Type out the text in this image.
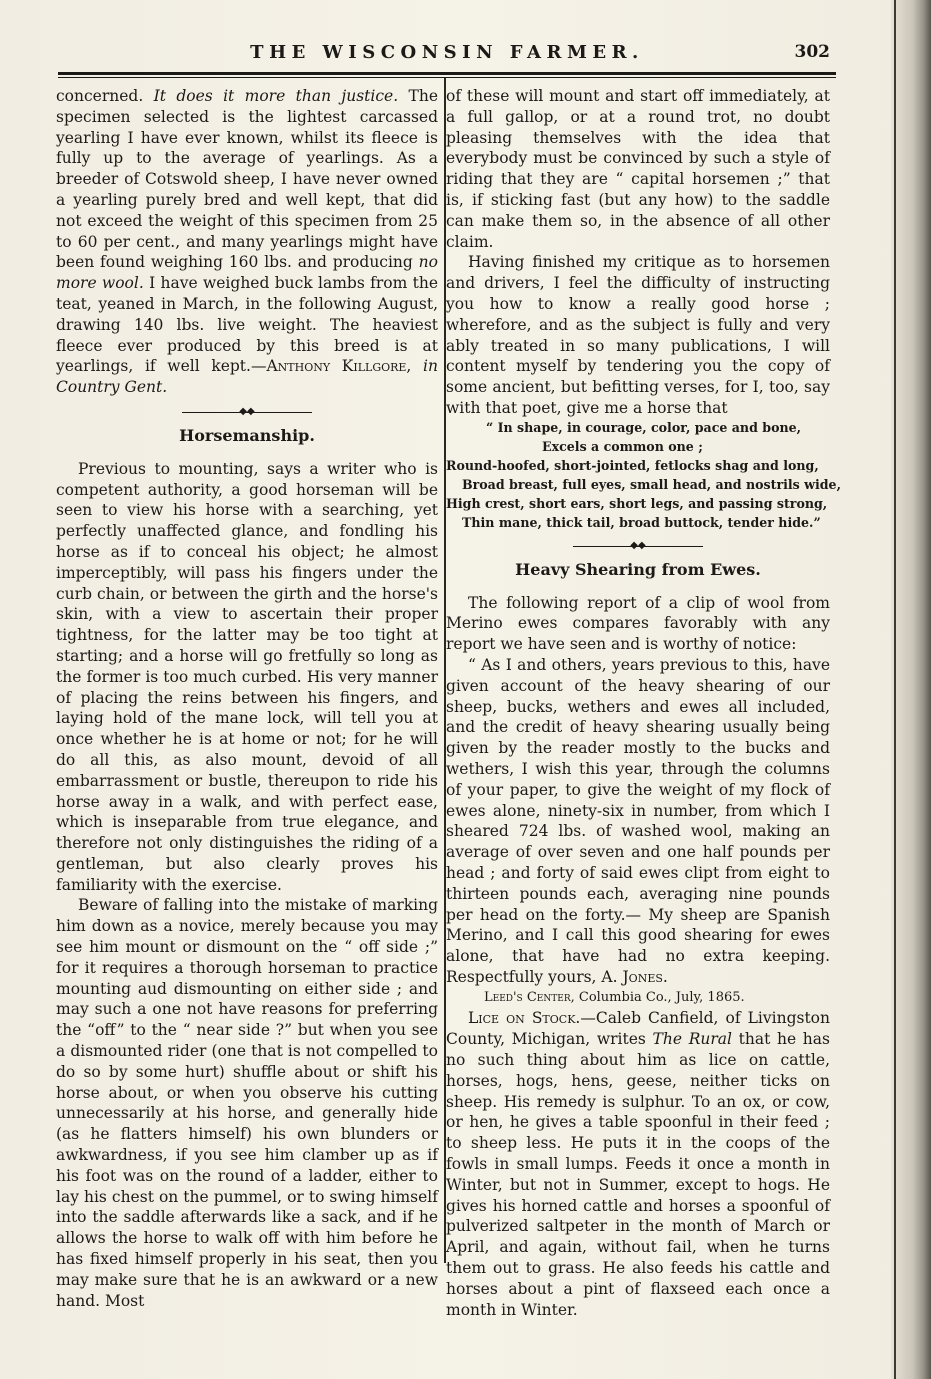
THE WISCONSIN FARMER.	302

concerned. It does it more than justice. The specimen selected is the lightest carcassed yearling I have ever known, whilst its fleece is fully up to the average of yearlings. As a breeder of Cotswold sheep, I have never owned a yearling purely bred and well kept, that did not exceed the weight of this specimen from 25 to 60 per cent., and many yearlings might have been found weighing 160 lbs. and producing no more wool. I have weighed buck lambs from the teat, yeaned in March, in the following August, drawing 140 lbs. live weight. The heaviest fleece ever produced by this breed is at yearlings, if well kept.—Anthony Killgore, in Country Gent.

◆◆
Horsemanship.

Previous to mounting, says a writer who is competent authority, a good horseman will be seen to view his horse with a searching, yet perfectly unaffected glance, and fondling his horse as if to conceal his object; he almost imperceptibly, will pass his fingers under the curb chain, or between the girth and the horse's skin, with a view to ascertain their proper tightness, for the latter may be too tight at starting; and a horse will go fretfully so long as the former is too much curbed. His very manner of placing the reins between his fingers, and laying hold of the mane lock, will tell you at once whether he is at home or not; for he will do all this, as also mount, devoid of all embarrassment or bustle, thereupon to ride his horse away in a walk, and with perfect ease, which is inseparable from true elegance, and therefore not only distinguishes the riding of a gentleman, but also clearly proves his familiarity with the exercise.

Beware of falling into the mistake of marking him down as a novice, merely because you may see him mount or dismount on the “ off side ;” for it requires a thorough horseman to practice mounting aud dismounting on either side ; and may such a one not have reasons for preferring the “off” to the “ near side ?” but when you see a dismounted rider (one that is not compelled to do so by some hurt) shuffle about or shift his horse about, or when you observe his cutting unnecessarily at his horse, and generally hide (as he flatters himself) his own blunders or awkwardness, if you see him clamber up as if his foot was on the round of a ladder, either to lay his chest on the pummel, or to swing himself into the saddle afterwards like a sack, and if he allows the horse to walk off with him before he has fixed himself properly in his seat, then you may make sure that he is an awkward or a new hand. Most

of these will mount and start off immediately, at a full gallop, or at a round trot, no doubt pleasing themselves with the idea that everybody must be convinced by such a style of riding that they are “ capital horsemen ;” that is, if sticking fast (but any how) to the saddle can make them so, in the absence of all other claim.

Having finished my critique as to horsemen and drivers, I feel the difficulty of instructing you how to know a really good horse ; wherefore, and as the subject is fully and very ably treated in so many publications, I will content myself by tendering you the copy of some ancient, but befitting verses, for I, too, say with that poet, give me a horse that

“ In shape, in courage, color, pace and bone,
Excels a common one ;
Round-hoofed, short-jointed, fetlocks shag and long,
Broad breast, full eyes, small head, and nostrils wide,
High crest, short ears, short legs, and passing strong,
Thin mane, thick tail, broad buttock, tender hide.”
◆◆
Heavy Shearing from Ewes.

The following report of a clip of wool from Merino ewes compares favorably with any report we have seen and is worthy of notice:

“ As I and others, years previous to this, have given account of the heavy shearing of our sheep, bucks, wethers and ewes all included, and the credit of heavy shearing usually being given by the reader mostly to the bucks and wethers, I wish this year, through the columns of your paper, to give the weight of my flock of ewes alone, ninety-six in number, from which I sheared 724 lbs. of washed wool, making an average of over seven and one half pounds per head ; and forty of said ewes clipt from eight to thirteen pounds each, averaging nine pounds per head on the forty.— My sheep are Spanish Merino, and I call this good shearing for ewes alone, that have had no extra keeping. Respectfully yours, A. Jones.

Leed's Center, Columbia Co., July, 1865.

Lice on Stock.—Caleb Canfield, of Livingston County, Michigan, writes The Rural that he has no such thing about him as lice on cattle, horses, hogs, hens, geese, neither ticks on sheep. His remedy is sulphur. To an ox, or cow, or hen, he gives a table spoonful in their feed ; to sheep less. He puts it in the coops of the fowls in small lumps. Feeds it once a month in Winter, but not in Summer, except to hogs. He gives his horned cattle and horses a spoonful of pulverized saltpeter in the month of March or April, and again, without fail, when he turns them out to grass. He also feeds his cattle and horses about a pint of flaxseed each once a month in Winter.
